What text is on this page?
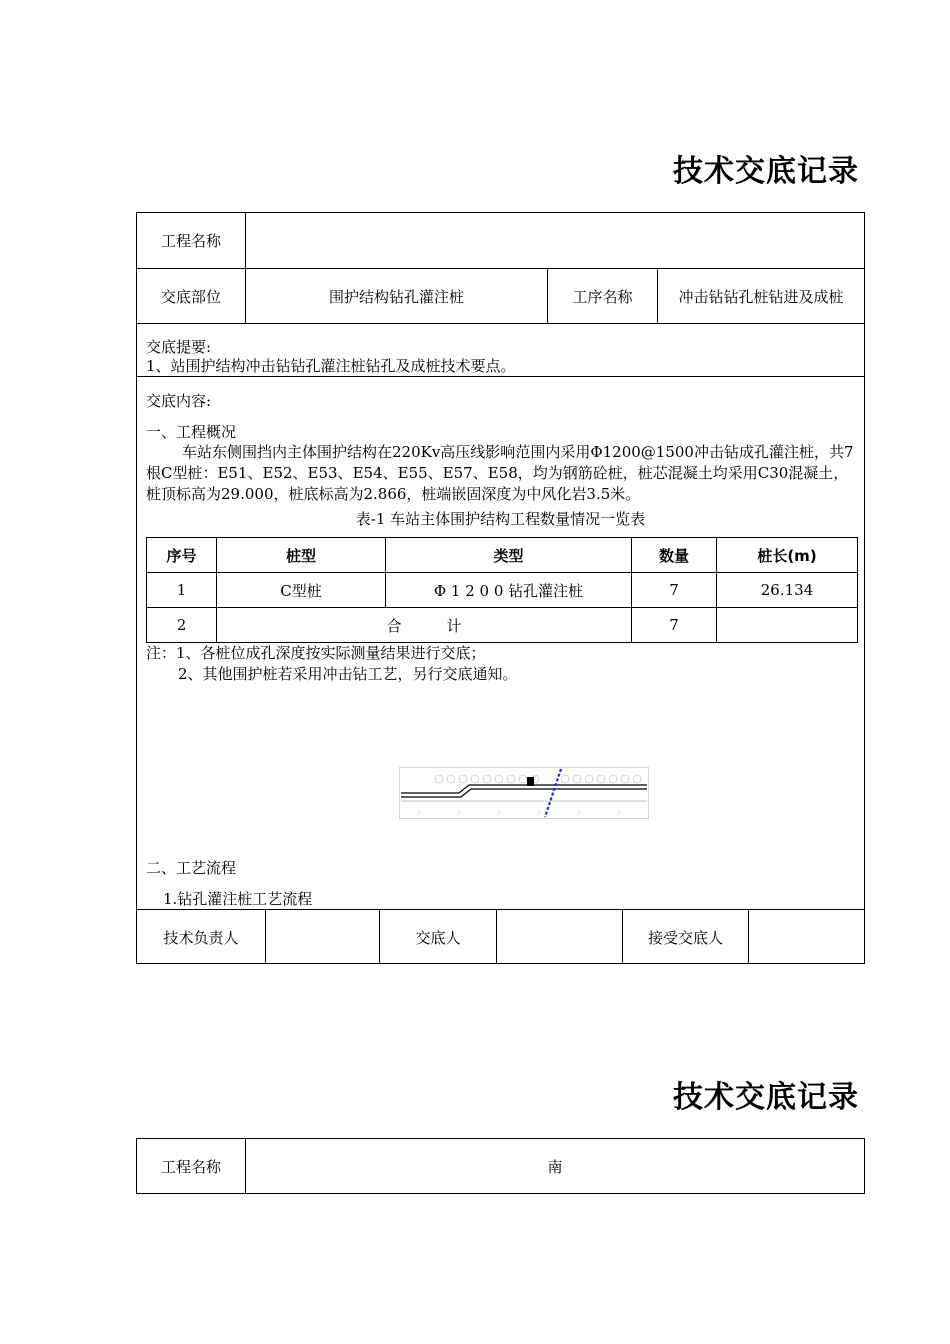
技术交底记录
工程名称
交底部位	围护结构钻孔灌注桩	工序名称	冲击钻钻孔桩钻进及成桩
交底提要:
1、站围护结构冲击钻钻孔灌注桩钻孔及成桩技术要点。
交底内容:
一、工程概况
车站东侧围挡内主体围护结构在220Kv高压线影响范围内采用Φ1200@1500冲击钻成孔灌注桩，共7根C型桩：E51、E52、E53、E54、E55、E57、E58，均为钢筋砼桩，桩芯混凝土均采用C30混凝土，桩顶标高为29.000，桩底标高为2.866，桩端嵌固深度为中风化岩3.5米。
表-1 车站主体围护结构工程数量情况一览表
序号	桩型	类型	数量	桩长(m)
1	C型桩	Φ 1 2 0 0 钻孔灌注桩	7	26.134
2	合　　　计		7	
注：1、各桩位成孔深度按实际测量结果进行交底；
2、其他围护桩若采用冲击钻工艺，另行交底通知。
二、工艺流程
1.钻孔灌注桩工艺流程
技术负责人	交底人	接受交底人
技术交底记录
工程名称	南
